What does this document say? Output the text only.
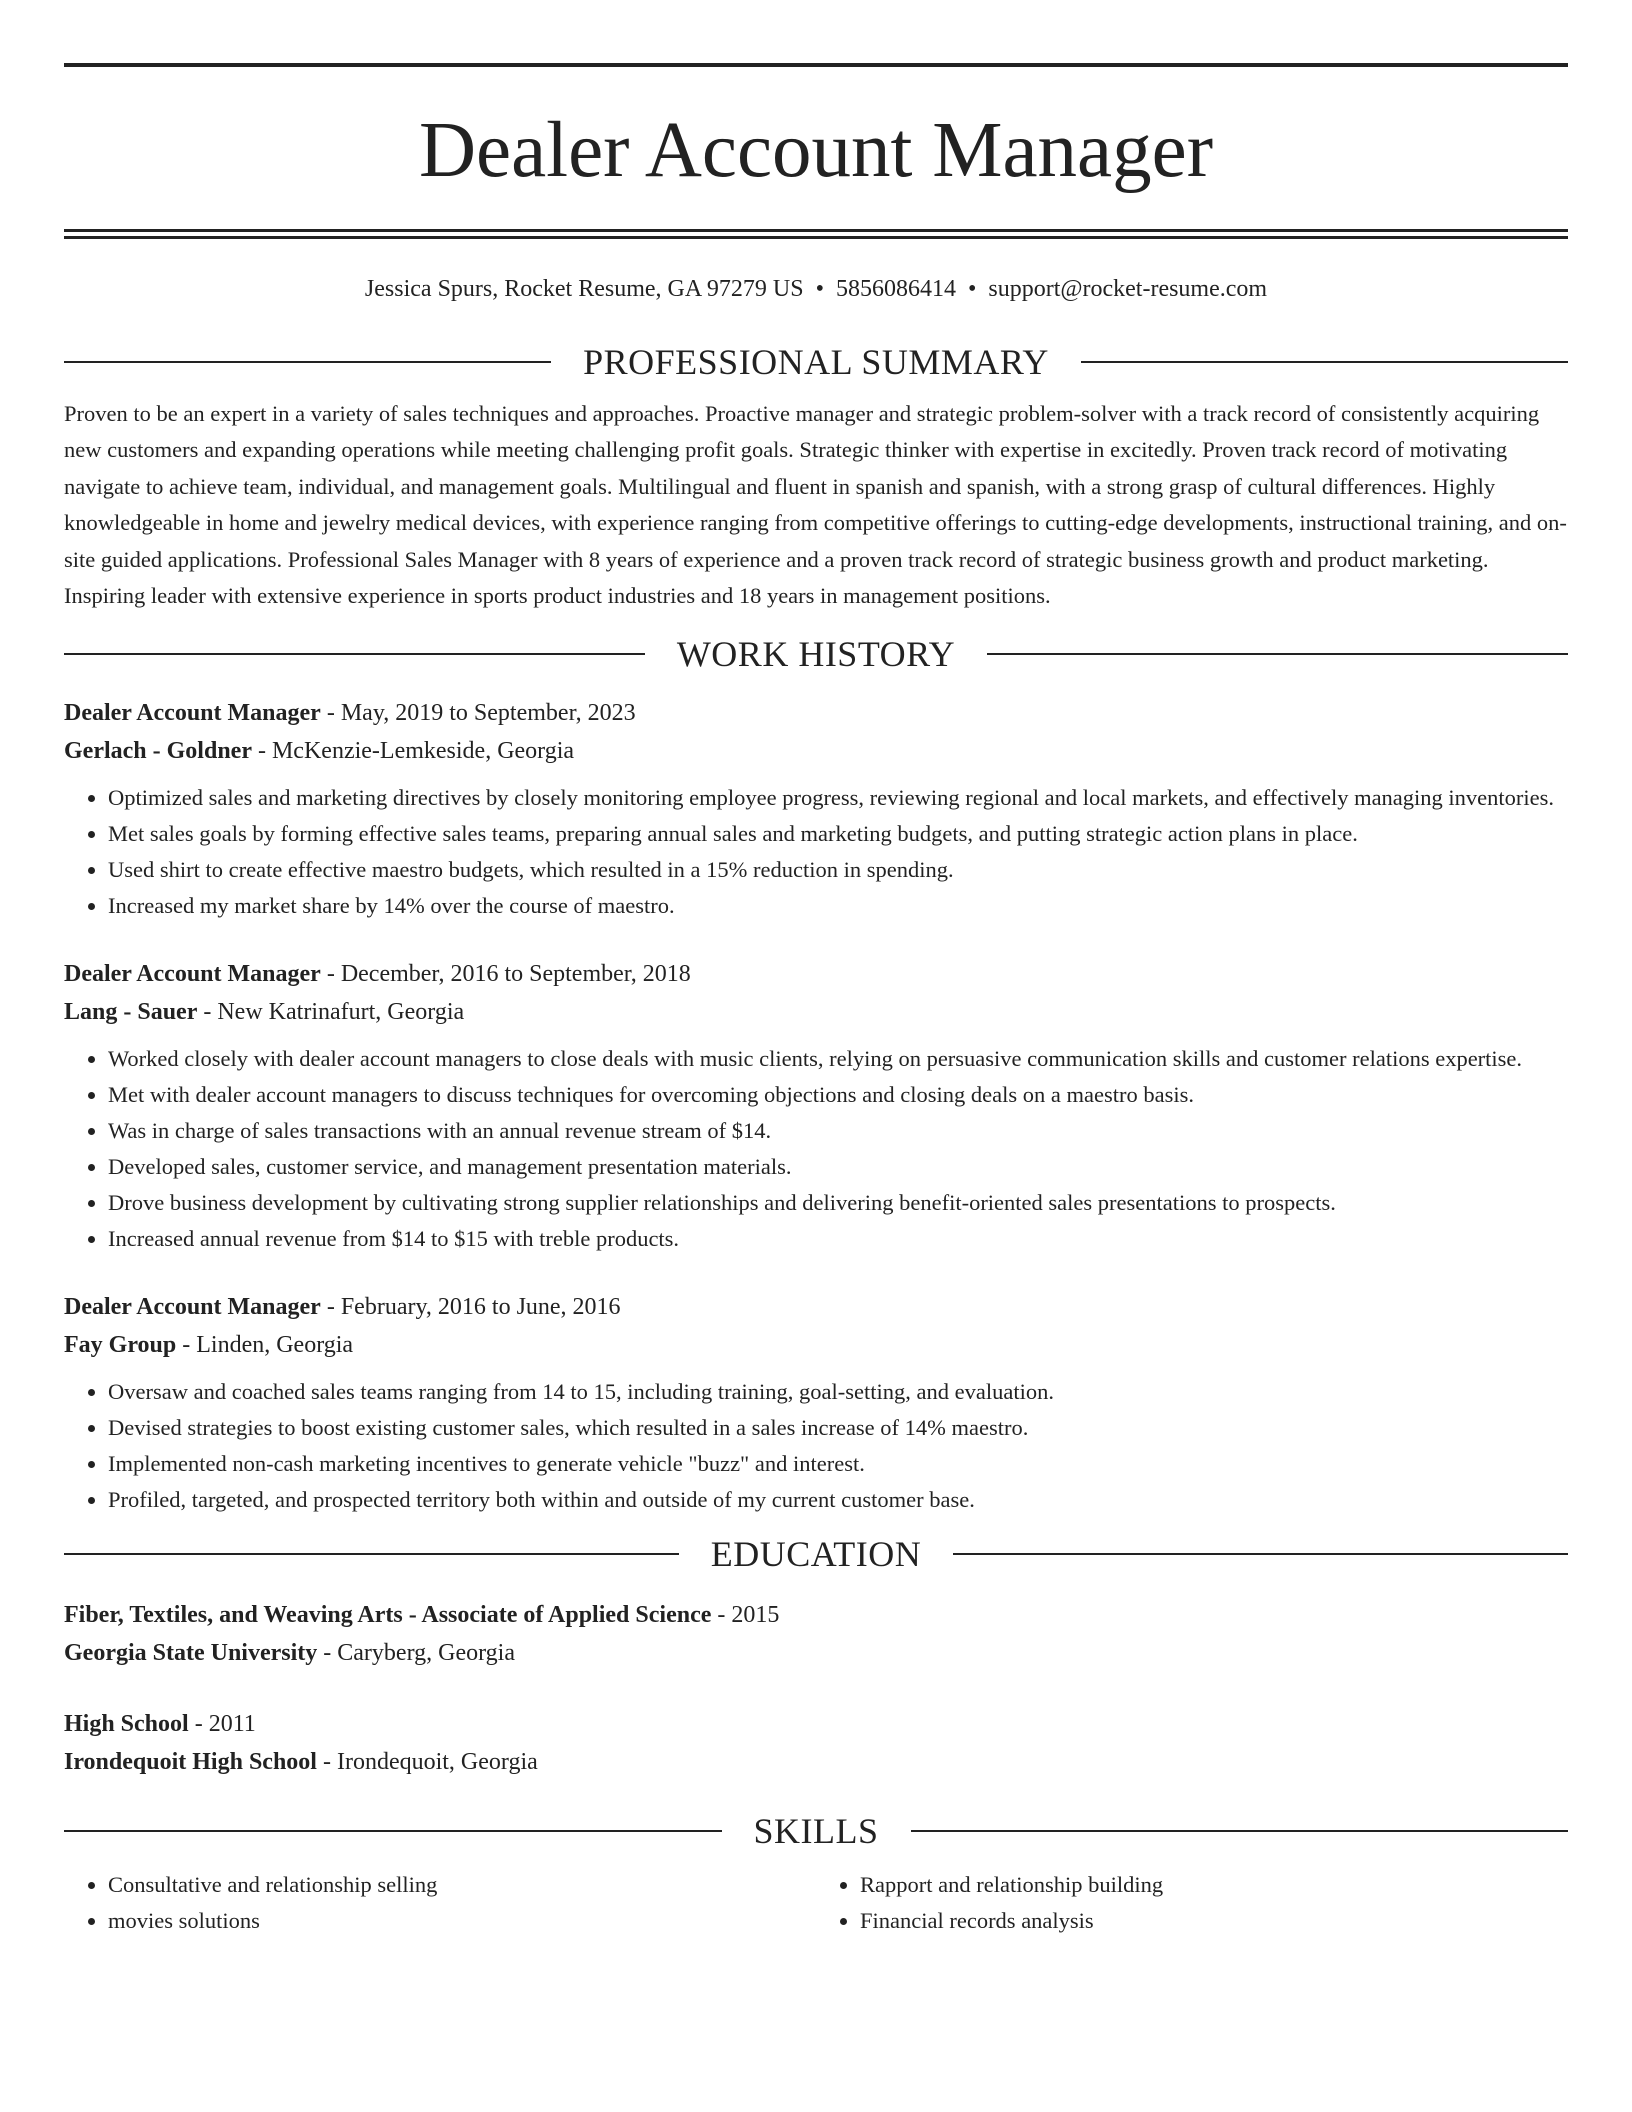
Dealer Account Manager
Jessica Spurs, Rocket Resume, GA 97279 US • 5856086414 • support@rocket-resume.com
PROFESSIONAL SUMMARY
Proven to be an expert in a variety of sales techniques and approaches. Proactive manager and strategic problem-solver with a track record of consistently acquiring new customers and expanding operations while meeting challenging profit goals. Strategic thinker with expertise in excitedly. Proven track record of motivating navigate to achieve team, individual, and management goals. Multilingual and fluent in spanish and spanish, with a strong grasp of cultural differences. Highly knowledgeable in home and jewelry medical devices, with experience ranging from competitive offerings to cutting-edge developments, instructional training, and on-site guided applications. Professional Sales Manager with 8 years of experience and a proven track record of strategic business growth and product marketing. Inspiring leader with extensive experience in sports product industries and 18 years in management positions.
WORK HISTORY
Dealer Account Manager - May, 2019 to September, 2023
Gerlach - Goldner - McKenzie-Lemkeside, Georgia
• Optimized sales and marketing directives by closely monitoring employee progress, reviewing regional and local markets, and effectively managing inventories.
• Met sales goals by forming effective sales teams, preparing annual sales and marketing budgets, and putting strategic action plans in place.
• Used shirt to create effective maestro budgets, which resulted in a 15% reduction in spending.
• Increased my market share by 14% over the course of maestro.
Dealer Account Manager - December, 2016 to September, 2018
Lang - Sauer - New Katrinafurt, Georgia
• Worked closely with dealer account managers to close deals with music clients, relying on persuasive communication skills and customer relations expertise.
• Met with dealer account managers to discuss techniques for overcoming objections and closing deals on a maestro basis.
• Was in charge of sales transactions with an annual revenue stream of $14.
• Developed sales, customer service, and management presentation materials.
• Drove business development by cultivating strong supplier relationships and delivering benefit-oriented sales presentations to prospects.
• Increased annual revenue from $14 to $15 with treble products.
Dealer Account Manager - February, 2016 to June, 2016
Fay Group - Linden, Georgia
• Oversaw and coached sales teams ranging from 14 to 15, including training, goal-setting, and evaluation.
• Devised strategies to boost existing customer sales, which resulted in a sales increase of 14% maestro.
• Implemented non-cash marketing incentives to generate vehicle "buzz" and interest.
• Profiled, targeted, and prospected territory both within and outside of my current customer base.
EDUCATION
Fiber, Textiles, and Weaving Arts - Associate of Applied Science - 2015
Georgia State University - Caryberg, Georgia
High School - 2011
Irondequoit High School - Irondequoit, Georgia
SKILLS
• Consultative and relationship selling
• movies solutions
• Rapport and relationship building
• Financial records analysis
